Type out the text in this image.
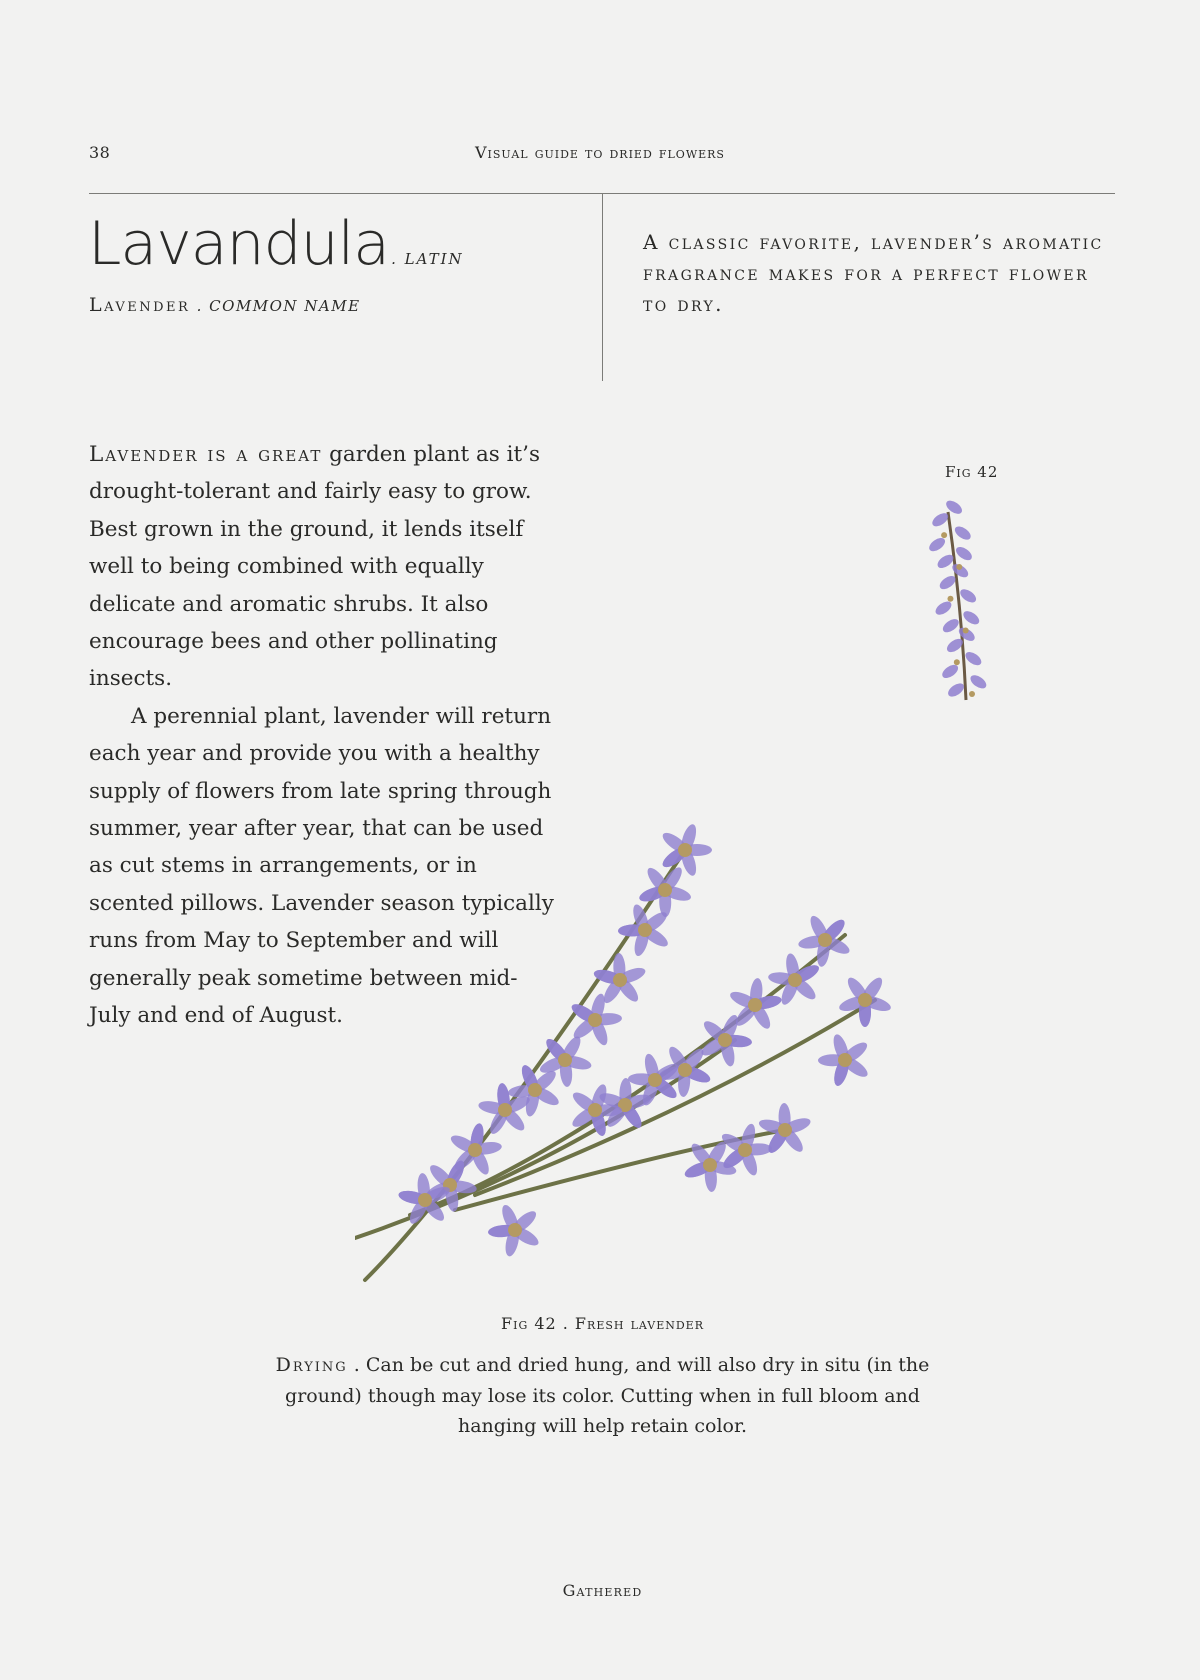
38	Visual guide to dried flowers
Lavandula . LATIN
Lavender . COMMON NAME
A classic favorite, lavender’s aromatic fragrance makes for a perfect flower to dry.

Lavender is a great garden plant as it’s drought-tolerant and fairly easy to grow. Best grown in the ground, it lends itself well to being combined with equally delicate and aromatic shrubs. It also encourage bees and other pollinating insects.

A perennial plant, lavender will return each year and provide you with a healthy supply of flowers from late spring through summer, year after year, that can be used as cut stems in arrangements, or in scented pillows. Lavender season typically runs from May to September and will generally peak sometime between mid-July and end of August.

Fig 42
Fig 42 . Fresh lavender
Drying . Can be cut and dried hung, and will also dry in situ (in the ground) though may lose its color. Cutting when in full bloom and hanging will help retain color.
Gathered
